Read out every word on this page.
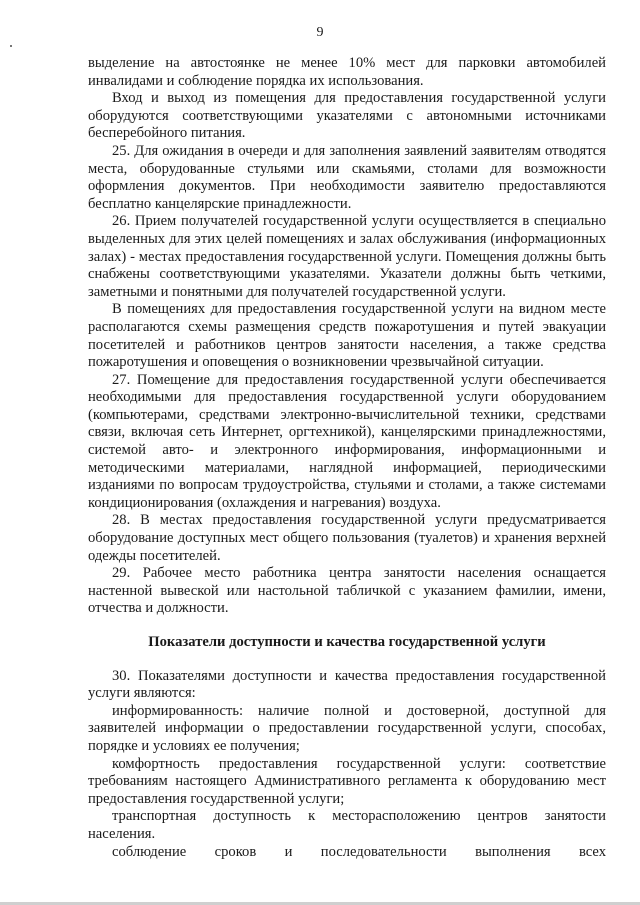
9

выделение на автостоянке не менее 10% мест для парковки автомобилей инвалидами и соблюдение порядка их использования.

Вход и выход из помещения для предоставления государственной услуги оборудуются соответствующими указателями с автономными источниками бесперебойного питания.

25. Для ожидания в очереди и для заполнения заявлений заявителям отводятся места, оборудованные стульями или скамьями, столами для возможности оформления документов. При необходимости заявителю предоставляются бесплатно канцелярские принадлежности.

26. Прием получателей государственной услуги осуществляется в специально выделенных для этих целей помещениях и залах обслуживания (информационных залах) - местах предоставления государственной услуги. Помещения должны быть снабжены соответствующими указателями. Указатели должны быть четкими, заметными и понятными для получателей государственной услуги.

В помещениях для предоставления государственной услуги на видном месте располагаются схемы размещения средств пожаротушения и путей эвакуации посетителей и работников центров занятости населения, а также средства пожаротушения и оповещения о возникновении чрезвычайной ситуации.

27. Помещение для предоставления государственной услуги обеспечивается необходимыми для предоставления государственной услуги оборудованием (компьютерами, средствами электронно-вычислительной техники, средствами связи, включая сеть Интернет, оргтехникой), канцелярскими принадлежностями, системой авто- и электронного информирования, информационными и методическими материалами, наглядной информацией, периодическими изданиями по вопросам трудоустройства, стульями и столами, а также системами кондиционирования (охлаждения и нагревания) воздуха.

28. В местах предоставления государственной услуги предусматривается оборудование доступных мест общего пользования (туалетов) и хранения верхней одежды посетителей.

29. Рабочее место работника центра занятости населения оснащается настенной вывеской или настольной табличкой с указанием фамилии, имени, отчества и должности.

Показатели доступности и качества государственной услуги

30. Показателями доступности и качества предоставления государственной услуги являются:

информированность: наличие полной и достоверной, доступной для заявителей информации о предоставлении государственной услуги, способах, порядке и условиях ее получения;

комфортность предоставления государственной услуги: соответствие требованиям настоящего Административного регламента к оборудованию мест предоставления государственной услуги;

транспортная доступность к месторасположению центров занятости населения.

соблюдение сроков и последовательности выполнения всех
